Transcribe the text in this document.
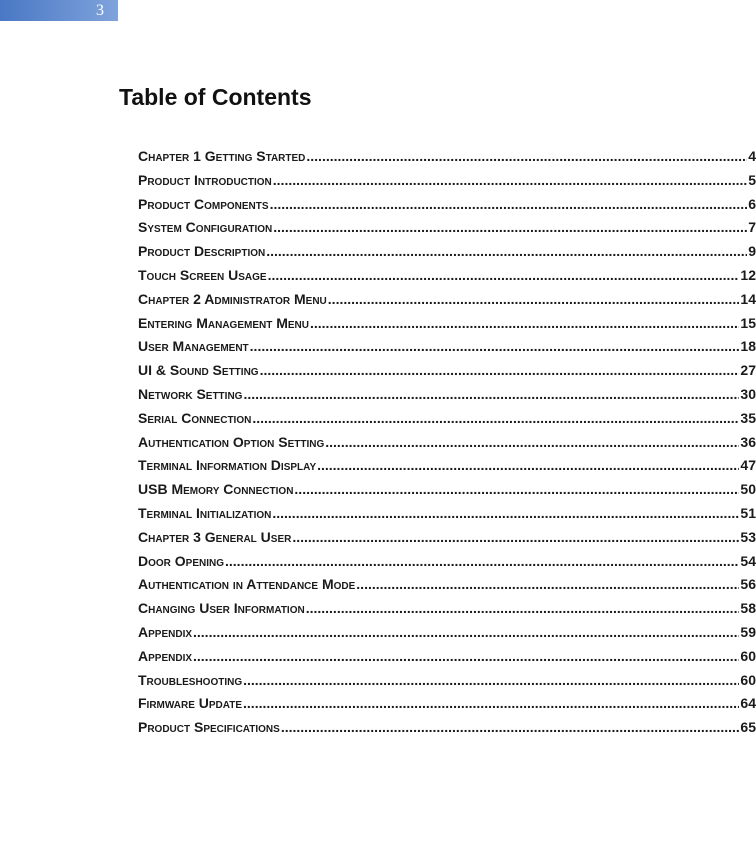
3
Table of Contents
Chapter 1 Getting Started .....	4
Product Introduction .....	5
Product Components .....	6
System Configuration .....	7
Product Description .....	9
Touch Screen Usage .....	12
Chapter 2 Administrator Menu .....	14
Entering Management Menu .....	15
User Management .....	18
UI & Sound Setting .....	27
Network Setting .....	30
Serial Connection .....	35
Authentication Option Setting .....	36
Terminal Information Display .....	47
USB Memory Connection .....	50
Terminal Initialization .....	51
Chapter 3 General User .....	53
Door Opening .....	54
Authentication in Attendance Mode .....	56
Changing User Information .....	58
Appendix .....	59
Appendix .....	60
Troubleshooting .....	60
Firmware Update .....	64
Product Specifications .....	65
